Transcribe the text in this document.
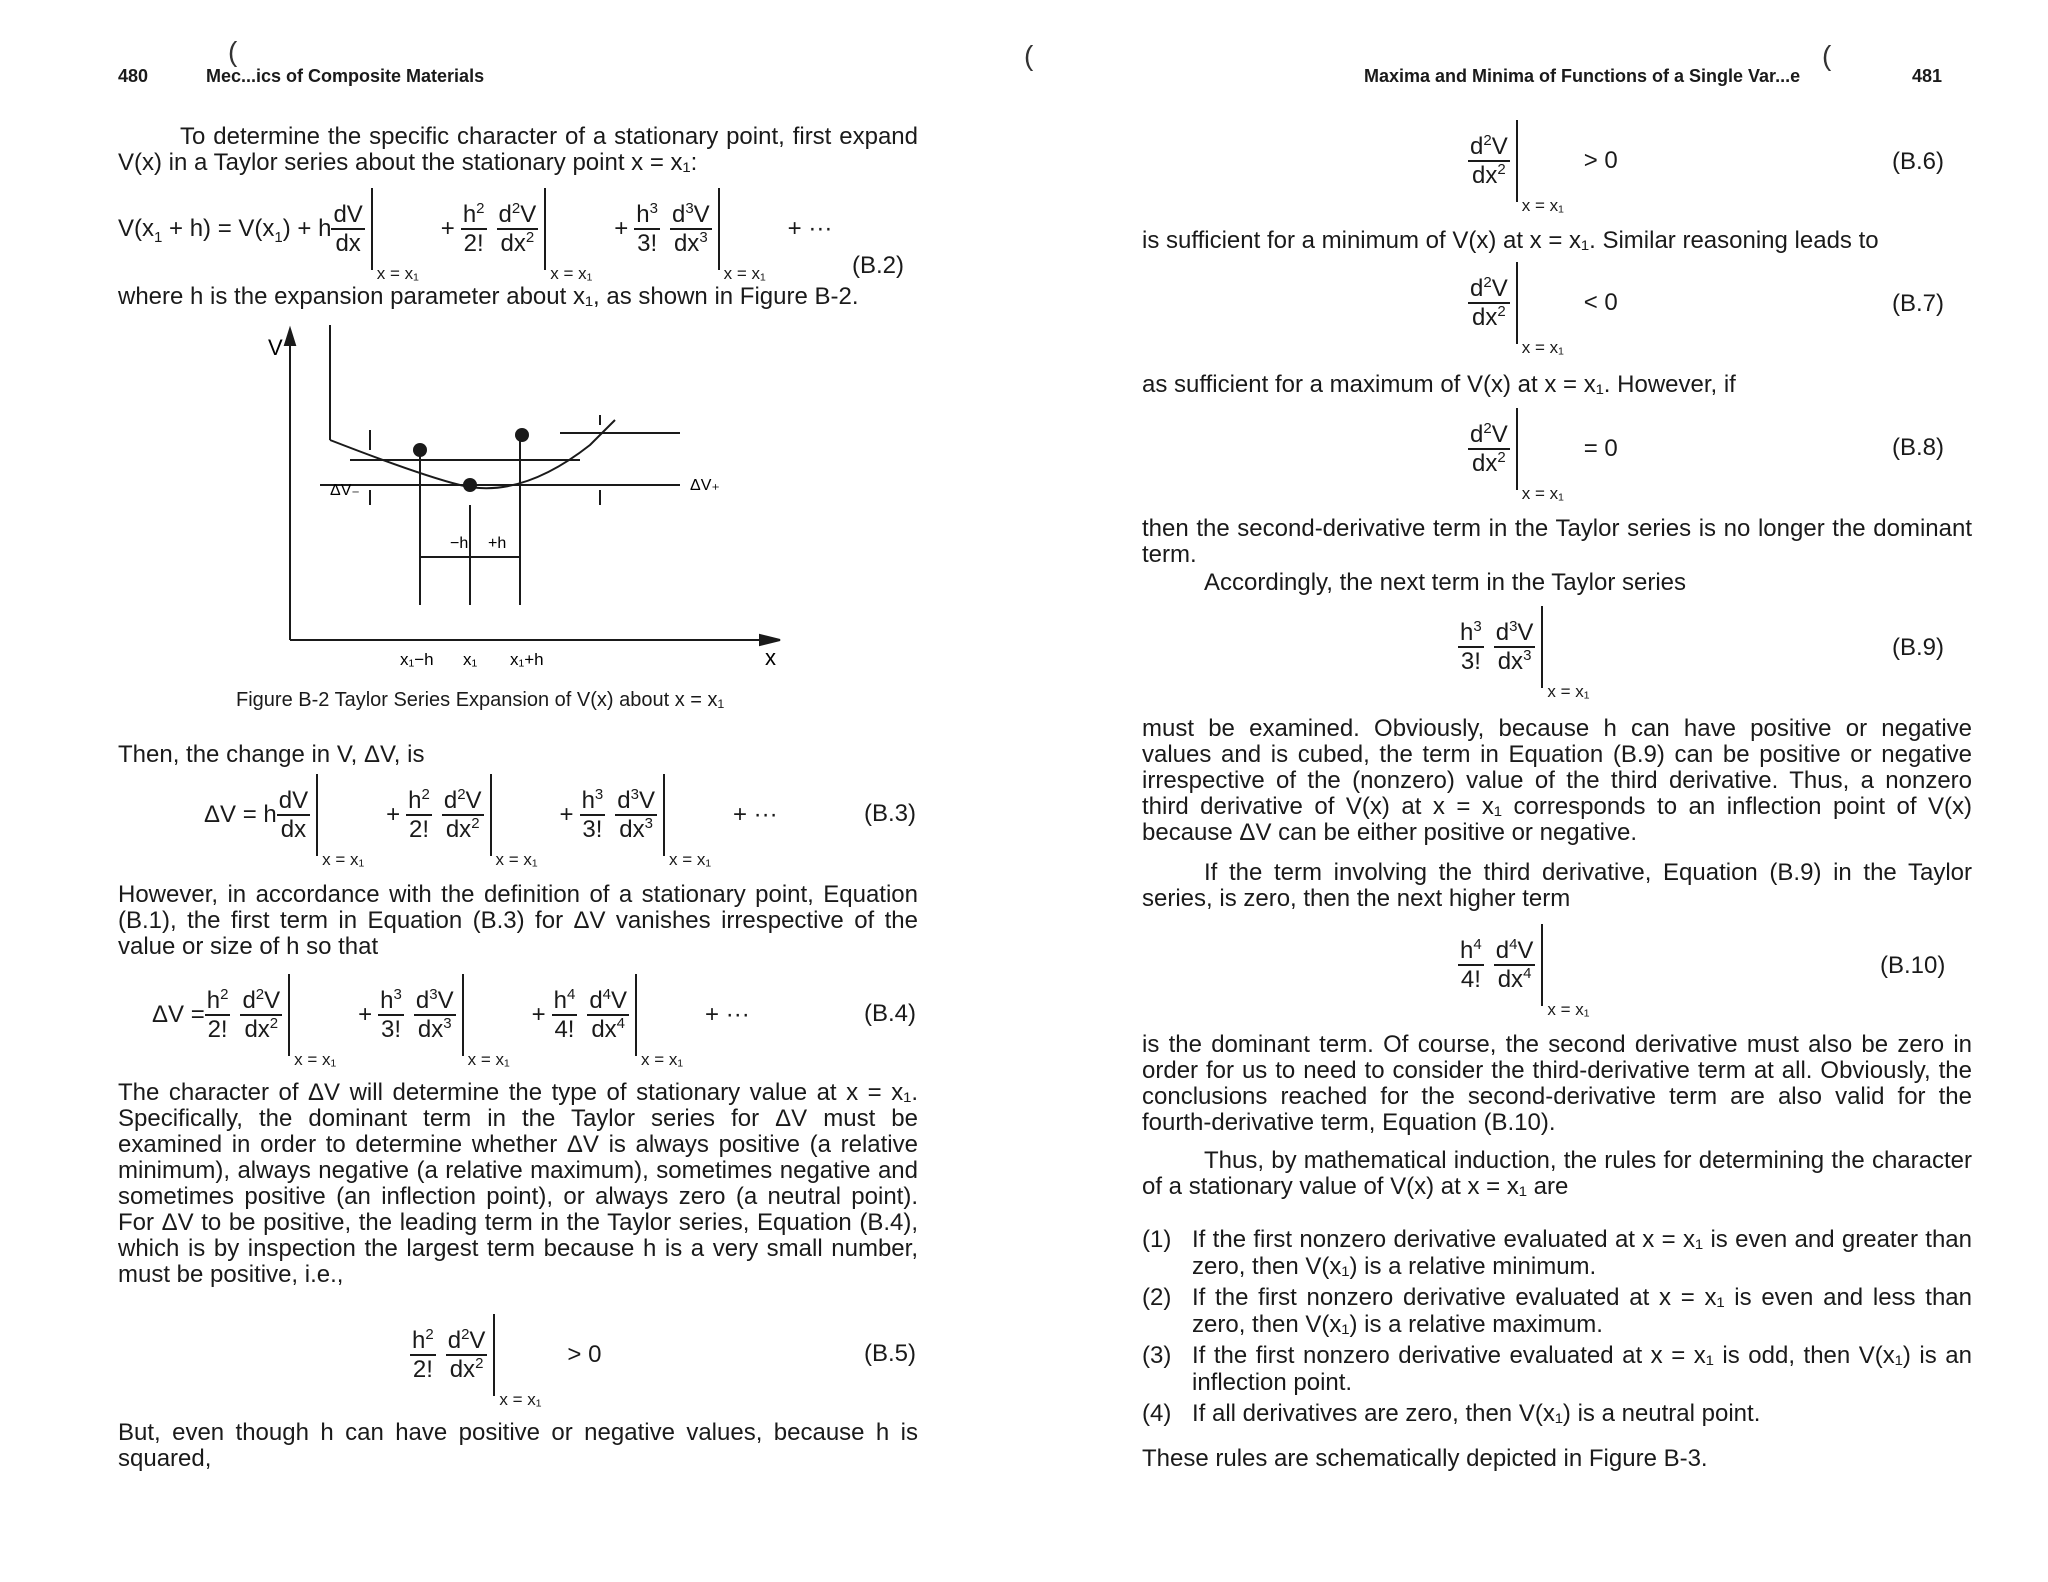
(
480	Mec...ics of Composite Materials
To determine the specific character of a stationary point, first expand V(x) in a Taylor series about the stationary point x = x₁:
$V(x_1 + h) = V(x_1) + h \frac{dV}{dx}$
x = x₁
+ $\frac{h^2}{2!} \frac{d^2V}{dx^2}$
x = x₁
+ $\frac{h^3}{3!} \frac{d^3V}{dx^3}$
x = x₁
+ ···
(B.2)
where h is the expansion parameter about x₁, as shown in Figure B-2.
V
x
ΔV₋	ΔV₊
−h +h
x₁−h x₁ x₁+h
Figure B-2 Taylor Series Expansion of V(x) about x = x₁
Then, the change in V, ΔV, is
ΔV = h $\frac{dV}{dx}$
x = x₁
+ $\frac{h^2}{2!} \frac{d^2V}{dx^2}$
x = x₁
+ $\frac{h^3}{3!} \frac{d^3V}{dx^3}$
x = x₁
+ ···	(B.3)
However, in accordance with the definition of a stationary point, Equation (B.1), the first term in Equation (B.3) for ΔV vanishes irrespective of the value or size of h so that
$\Delta V = \frac{h^2}{2!} \frac{d^2V}{dx^2}$
x = x₁
+ $\frac{h^3}{3!} \frac{d^3V}{dx^3}$
x = x₁
+ $\frac{h^4}{4!} \frac{d^4V}{dx^4}$
x = x₁
+ ···	(B.4)
The character of ΔV will determine the type of stationary value at x = x₁. Specifically, the dominant term in the Taylor series for ΔV must be examined in order to determine whether ΔV is always positive (a relative minimum), always negative (a relative maximum), sometimes negative and sometimes positive (an inflection point), or always zero (a neutral point). For ΔV to be positive, the leading term in the Taylor series, Equation (B.4), which is by inspection the largest term because h is a very small number, must be positive, i.e.,
$\frac{h^2}{2!} \frac{d^2V}{dx^2}$
x = x₁
> 0	(B.5)
But, even though h can have positive or negative values, because h is squared,
(	(
Maxima and Minima of Functions of a Single Var...e	481
$\frac{d^2V}{dx^2}$
x = x₁
> 0	(B.6)
is sufficient for a minimum of V(x) at x = x₁. Similar reasoning leads to
$\frac{d^2V}{dx^2}$
x = x₁
< 0	(B.7)
as sufficient for a maximum of V(x) at x = x₁. However, if
$\frac{d^2V}{dx^2}$
x = x₁
= 0	(B.8)
then the second-derivative term in the Taylor series is no longer the dominant term.
Accordingly, the next term in the Taylor series
$\frac{h^3}{3!} \frac{d^3V}{dx^3}$
x = x₁
(B.9)
must be examined. Obviously, because h can have positive or negative values and is cubed, the term in Equation (B.9) can be positive or negative irrespective of the (nonzero) value of the third derivative. Thus, a nonzero third derivative of V(x) at x = x₁ corresponds to an inflection point of V(x) because ΔV can be either positive or negative.
If the term involving the third derivative, Equation (B.9) in the Taylor series, is zero, then the next higher term
$\frac{h^4}{4!} \frac{d^4V}{dx^4}$
x = x₁
(B.10)
is the dominant term. Of course, the second derivative must also be zero in order for us to need to consider the third-derivative term at all. Obviously, the conclusions reached for the second-derivative term are also valid for the fourth-derivative term, Equation (B.10).
Thus, by mathematical induction, the rules for determining the character of a stationary value of V(x) at x = x₁ are
(1) If the first nonzero derivative evaluated at x = x₁ is even and greater than zero, then V(x₁) is a relative minimum.
(2) If the first nonzero derivative evaluated at x = x₁ is even and less than zero, then V(x₁) is a relative maximum.
(3) If the first nonzero derivative evaluated at x = x₁ is odd, then V(x₁) is an inflection point.
(4) If all derivatives are zero, then V(x₁) is a neutral point.
These rules are schematically depicted in Figure B-3.
